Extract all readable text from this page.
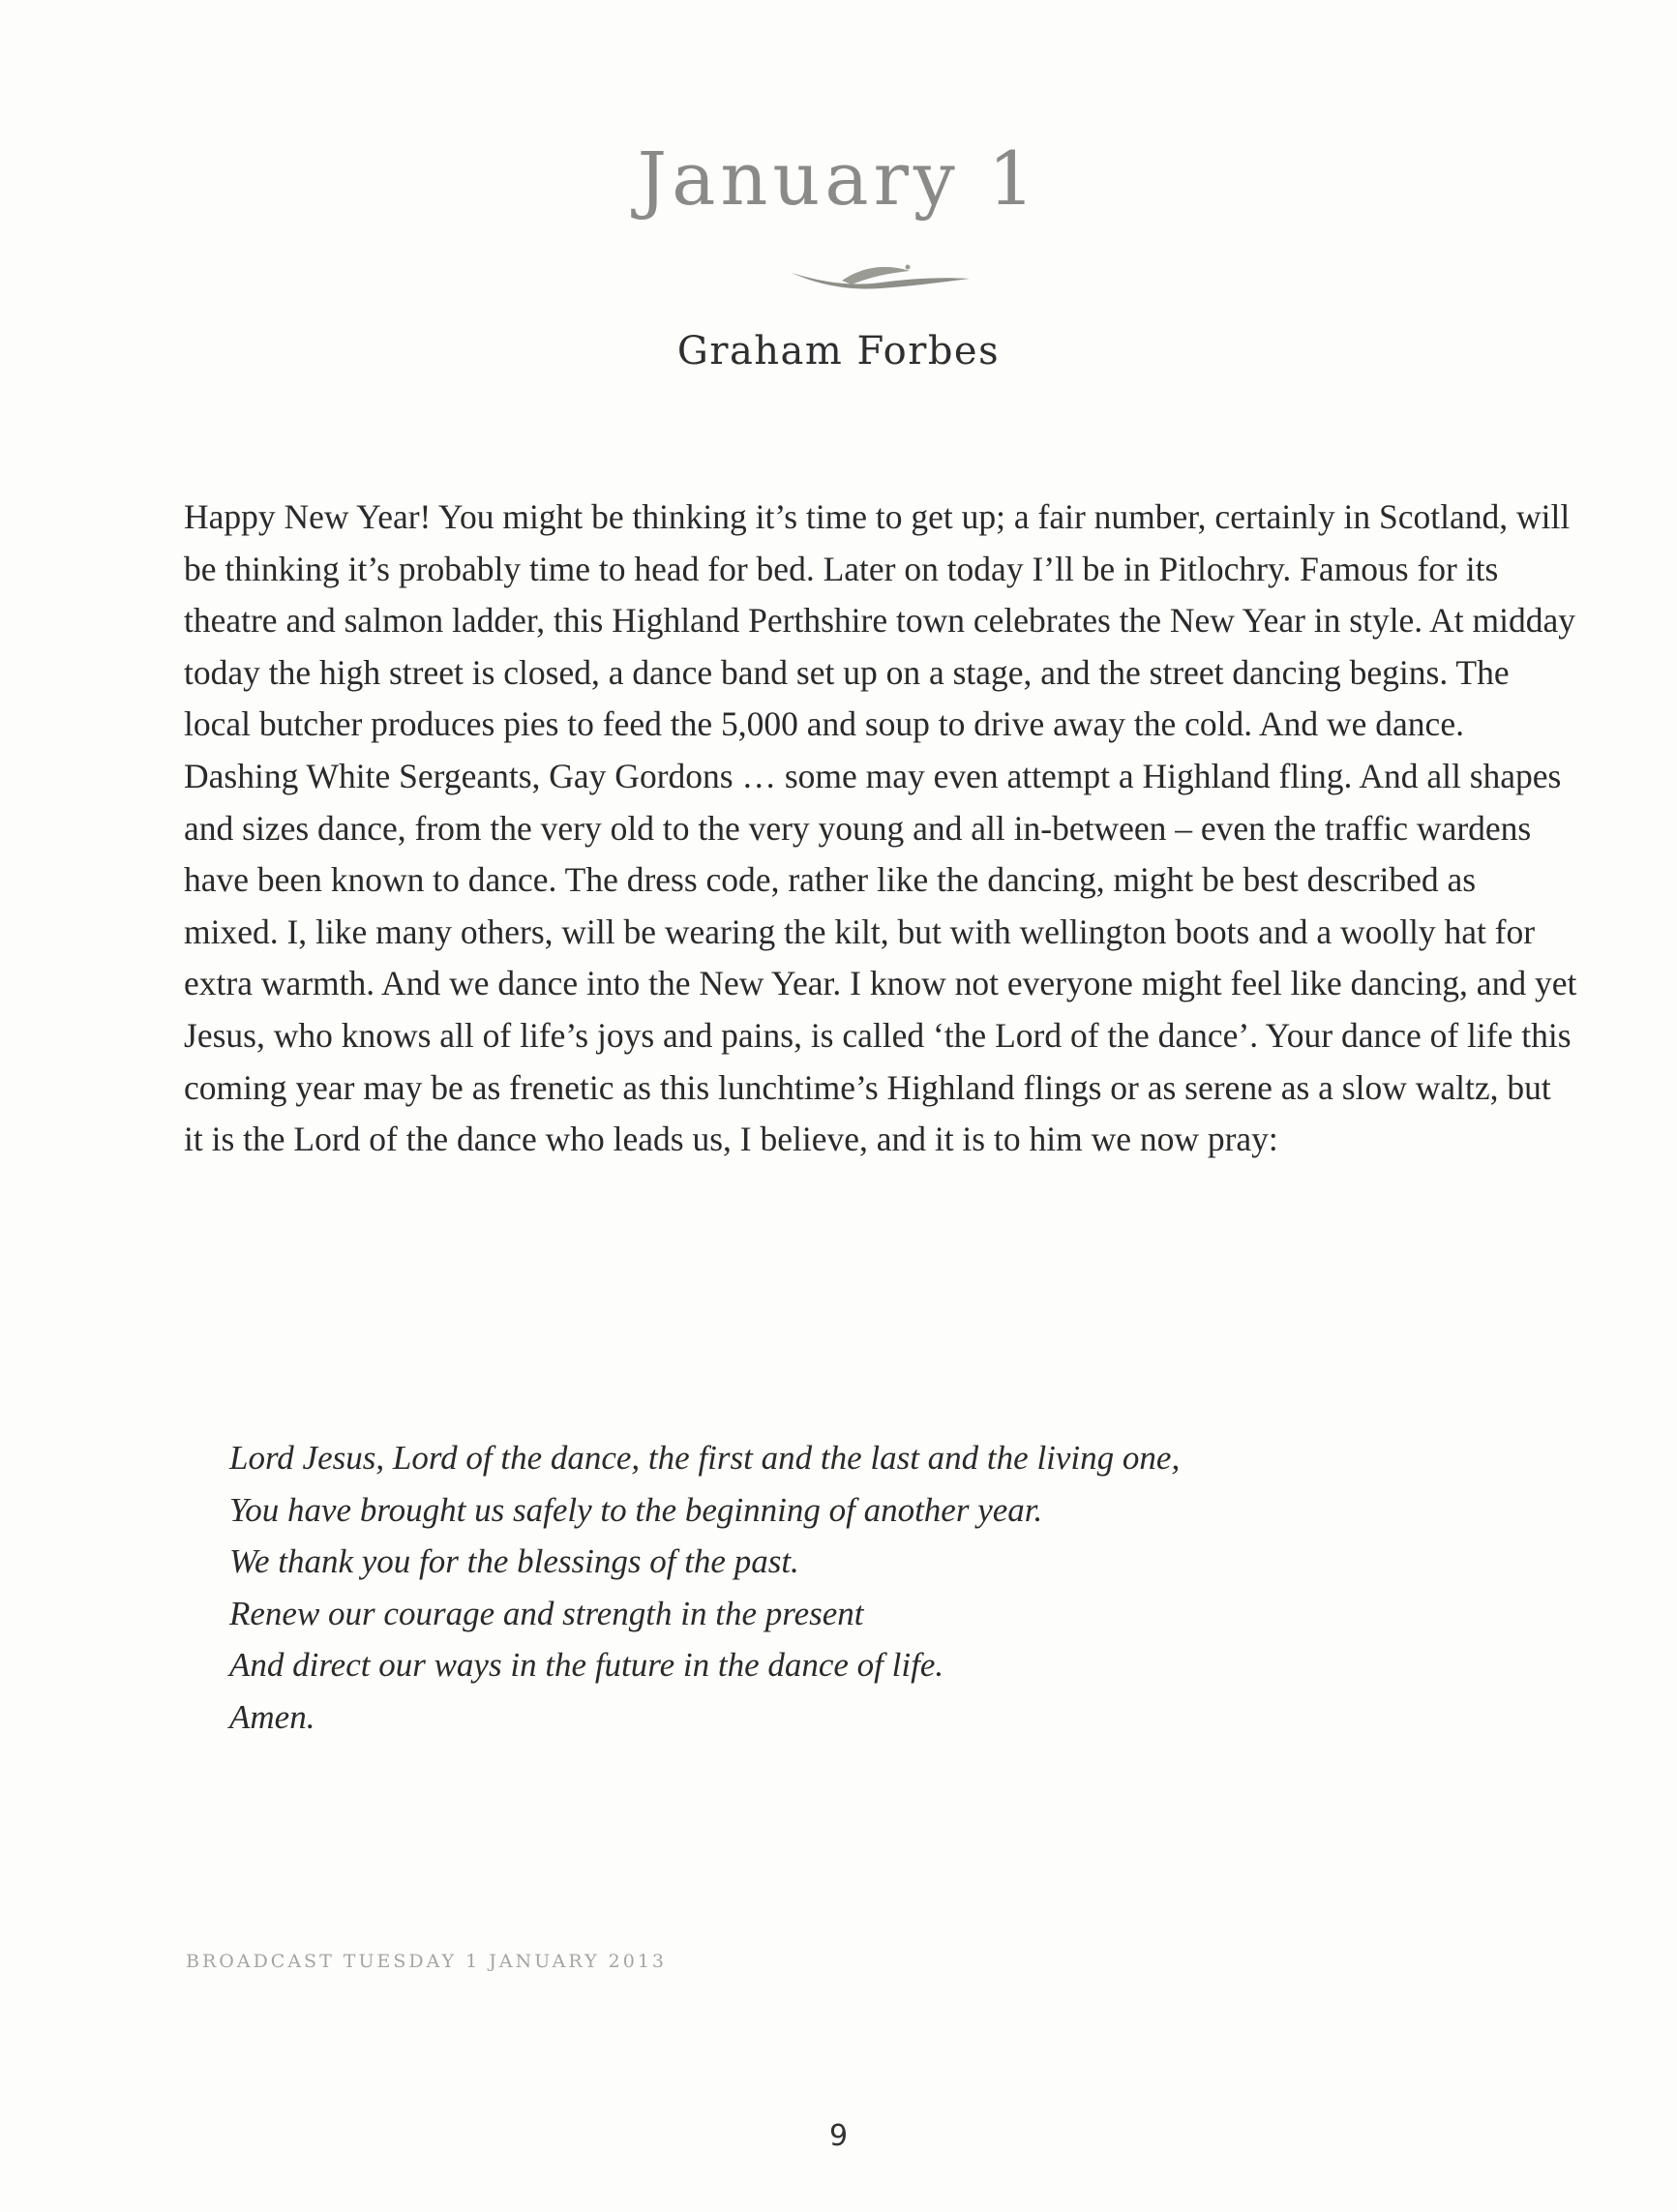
January 1
Graham Forbes

Happy New Year! You might be thinking it’s time to get up; a fair number, certainly in Scotland, will be thinking it’s probably time to head for bed. Later on today I’ll be in Pitlochry. Famous for its theatre and salmon ladder, this Highland Perthshire town celebrates the New Year in style. At midday today the high street is closed, a dance band set up on a stage, and the street dancing begins. The local butcher produces pies to feed the 5,000 and soup to drive away the cold. And we dance. Dashing White Sergeants, Gay Gordons … some may even attempt a Highland fling. And all shapes and sizes dance, from the very old to the very young and all in-between – even the traffic wardens have been known to dance. The dress code, rather like the dancing, might be best described as mixed. I, like many others, will be wearing the kilt, but with wellington boots and a woolly hat for extra warmth. And we dance into the New Year. I know not everyone might feel like dancing, and yet Jesus, who knows all of life’s joys and pains, is called ‘the Lord of the dance’. Your dance of life this coming year may be as frenetic as this lunchtime’s Highland flings or as serene as a slow waltz, but it is the Lord of the dance who leads us, I believe, and it is to him we now pray:

Lord Jesus, Lord of the dance, the first and the last and the living one,
You have brought us safely to the beginning of another year.
We thank you for the blessings of the past.
Renew our courage and strength in the present
And direct our ways in the future in the dance of life.
Amen.

BROADCAST TUESDAY 1 JANUARY 2013

9
